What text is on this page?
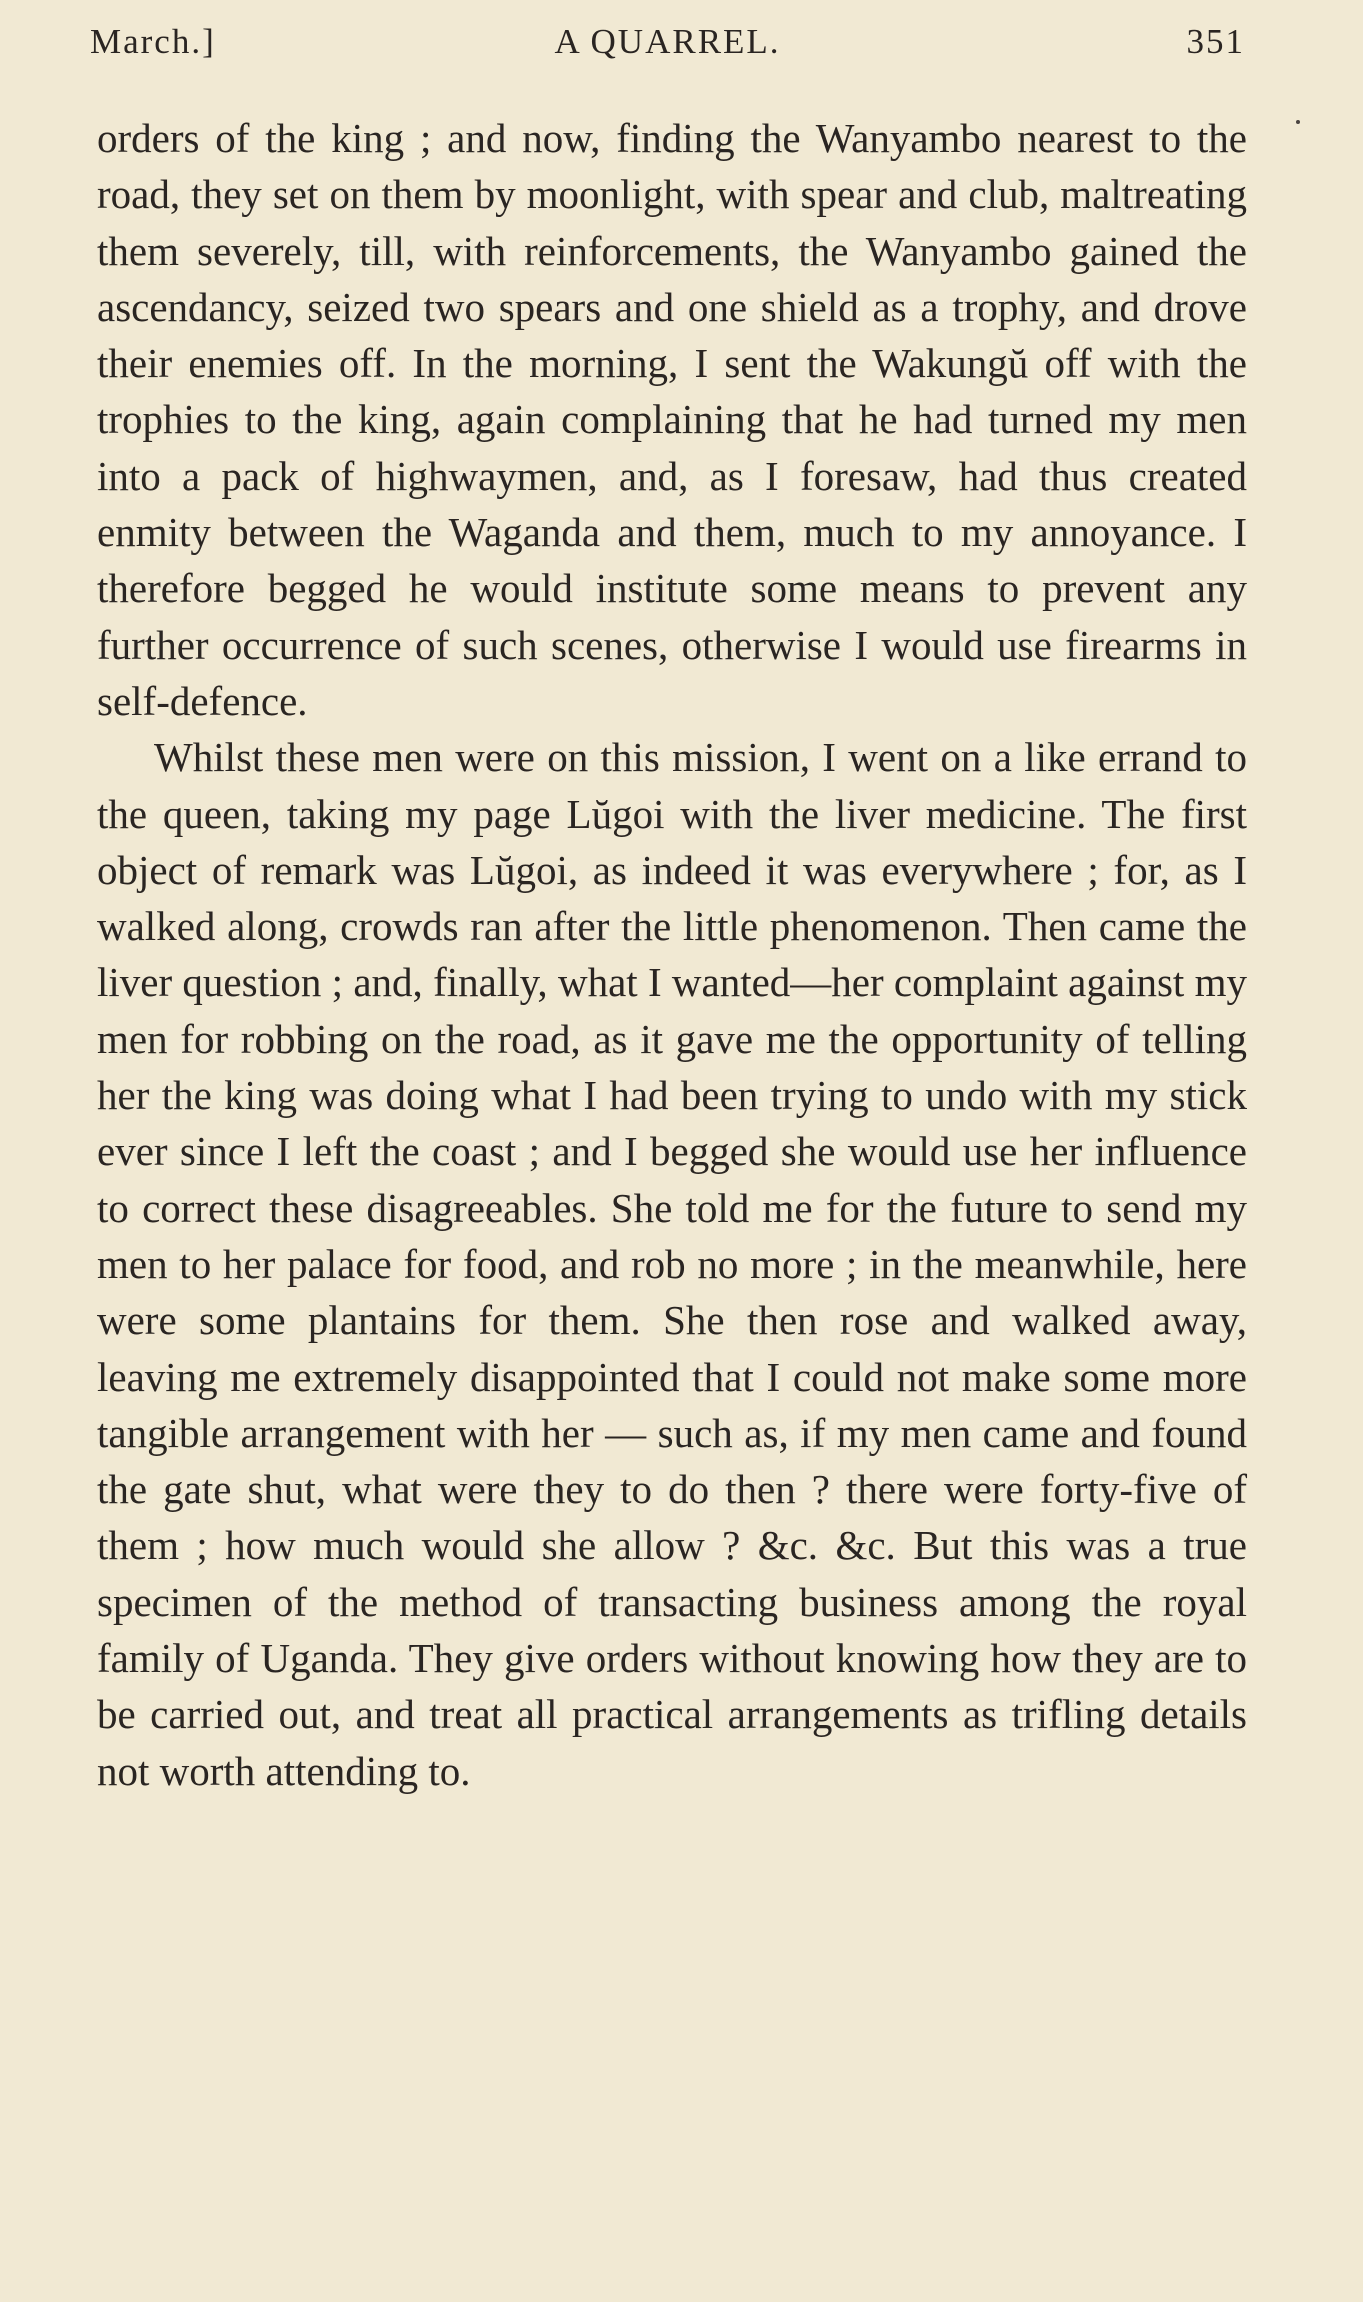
March.]	A QUARREL.	351

orders of the king ; and now, finding the Wanyambo nearest to the road, they set on them by moonlight, with spear and club, maltreating them severely, till, with reinforcements, the Wanyambo gained the ascendancy, seized two spears and one shield as a trophy, and drove their enemies off. In the morning, I sent the Wakungŭ off with the trophies to the king, again complaining that he had turned my men into a pack of highwaymen, and, as I foresaw, had thus created enmity between the Waganda and them, much to my annoyance. I therefore begged he would institute some means to prevent any further occurrence of such scenes, otherwise I would use firearms in self-defence.

Whilst these men were on this mission, I went on a like errand to the queen, taking my page Lŭgoi with the liver medicine. The first object of remark was Lŭgoi, as indeed it was everywhere ; for, as I walked along, crowds ran after the little phenomenon. Then came the liver question ; and, finally, what I wanted—her complaint against my men for robbing on the road, as it gave me the opportunity of telling her the king was doing what I had been trying to undo with my stick ever since I left the coast ; and I begged she would use her influence to correct these disagreeables. She told me for the future to send my men to her palace for food, and rob no more ; in the meanwhile, here were some plantains for them. She then rose and walked away, leaving me extremely disappointed that I could not make some more tangible arrangement with her — such as, if my men came and found the gate shut, what were they to do then ? there were forty-five of them ; how much would she allow ? &c. &c. But this was a true specimen of the method of transacting business among the royal family of Uganda. They give orders without knowing how they are to be carried out, and treat all practical arrangements as trifling details not worth attending to.
